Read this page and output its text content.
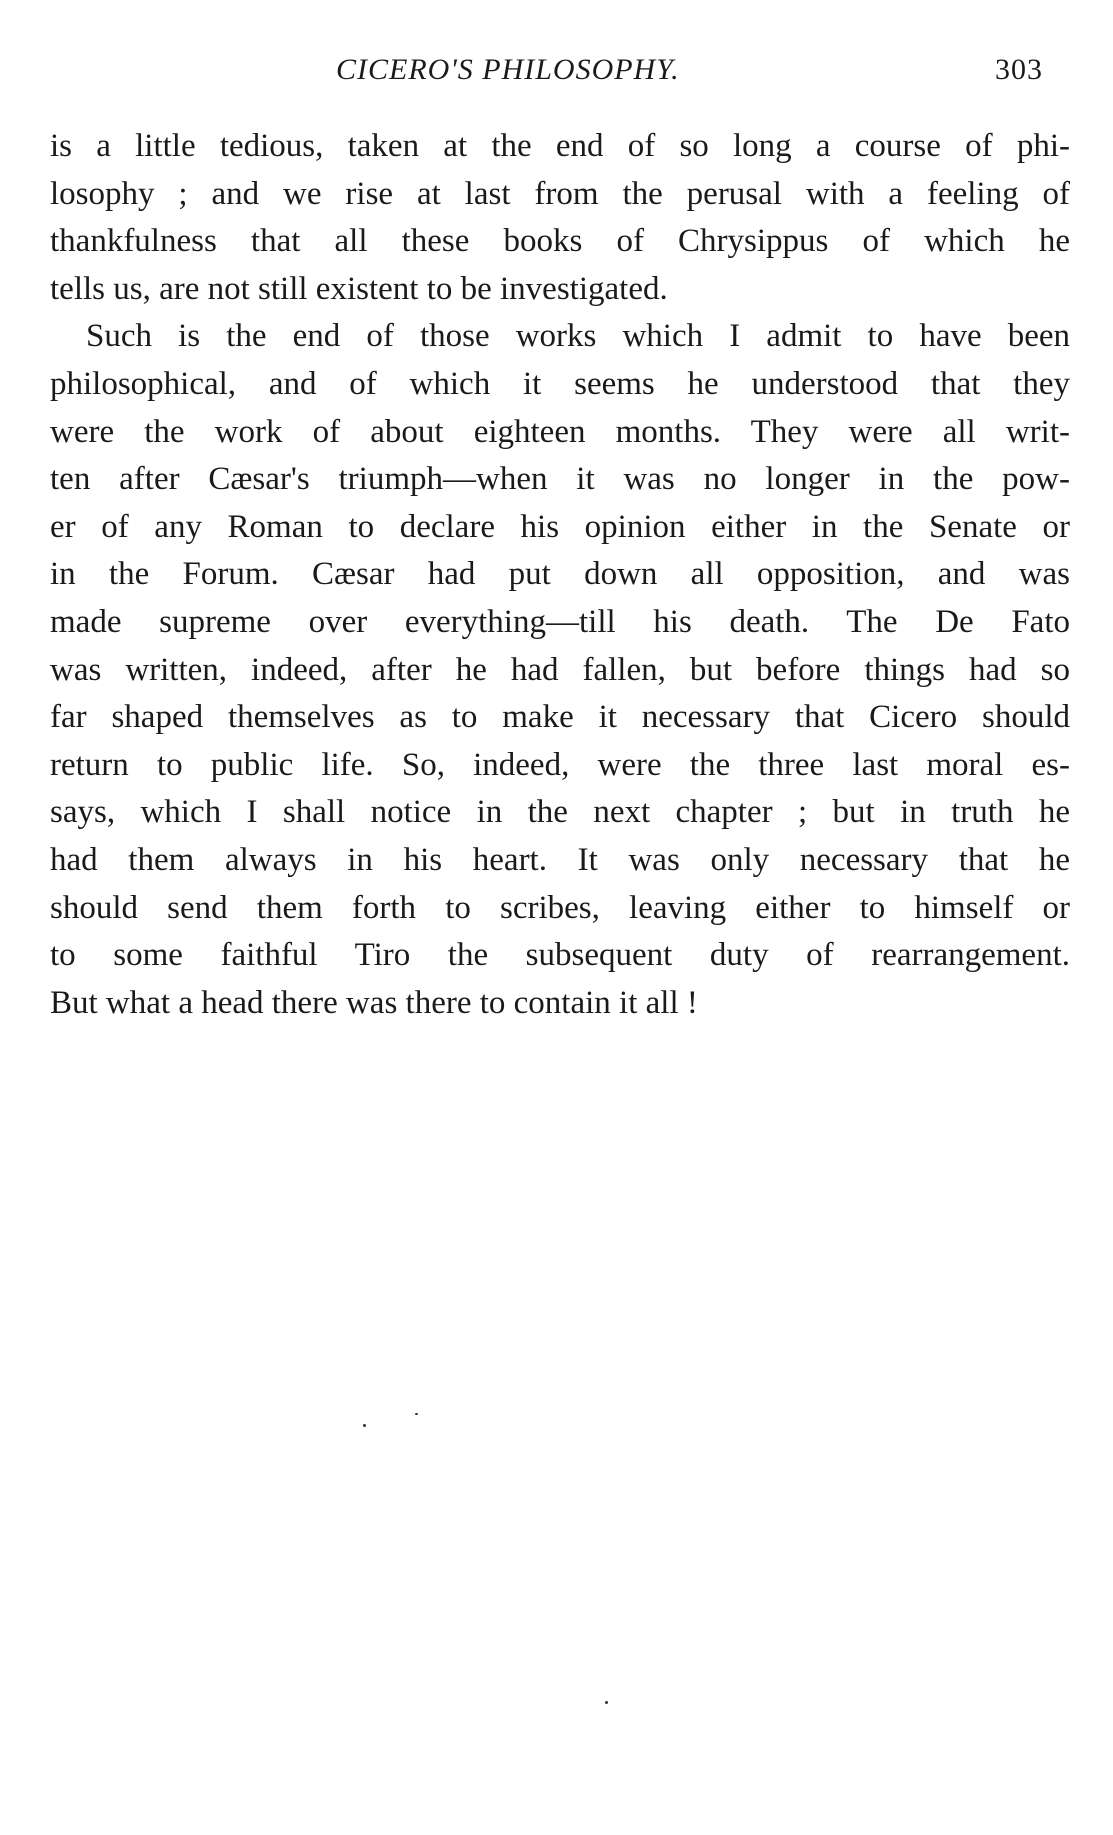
CICERO'S PHILOSOPHY.	303
is a little tedious, taken at the end of so long a course of phi-
losophy ; and we rise at last from the perusal with a feeling of
thankfulness that all these books of Chrysippus of which he
tells us, are not still existent to be investigated.
Such is the end of those works which I admit to have been
philosophical, and of which it seems he understood that they
were the work of about eighteen months. They were all writ-
ten after Cæsar's triumph—when it was no longer in the pow-
er of any Roman to declare his opinion either in the Senate or
in the Forum. Cæsar had put down all opposition, and was
made supreme over everything—till his death. The De Fato
was written, indeed, after he had fallen, but before things had so
far shaped themselves as to make it necessary that Cicero should
return to public life. So, indeed, were the three last moral es-
says, which I shall notice in the next chapter ; but in truth he
had them always in his heart. It was only necessary that he
should send them forth to scribes, leaving either to himself or
to some faithful Tiro the subsequent duty of rearrangement.
But what a head there was there to contain it all !
